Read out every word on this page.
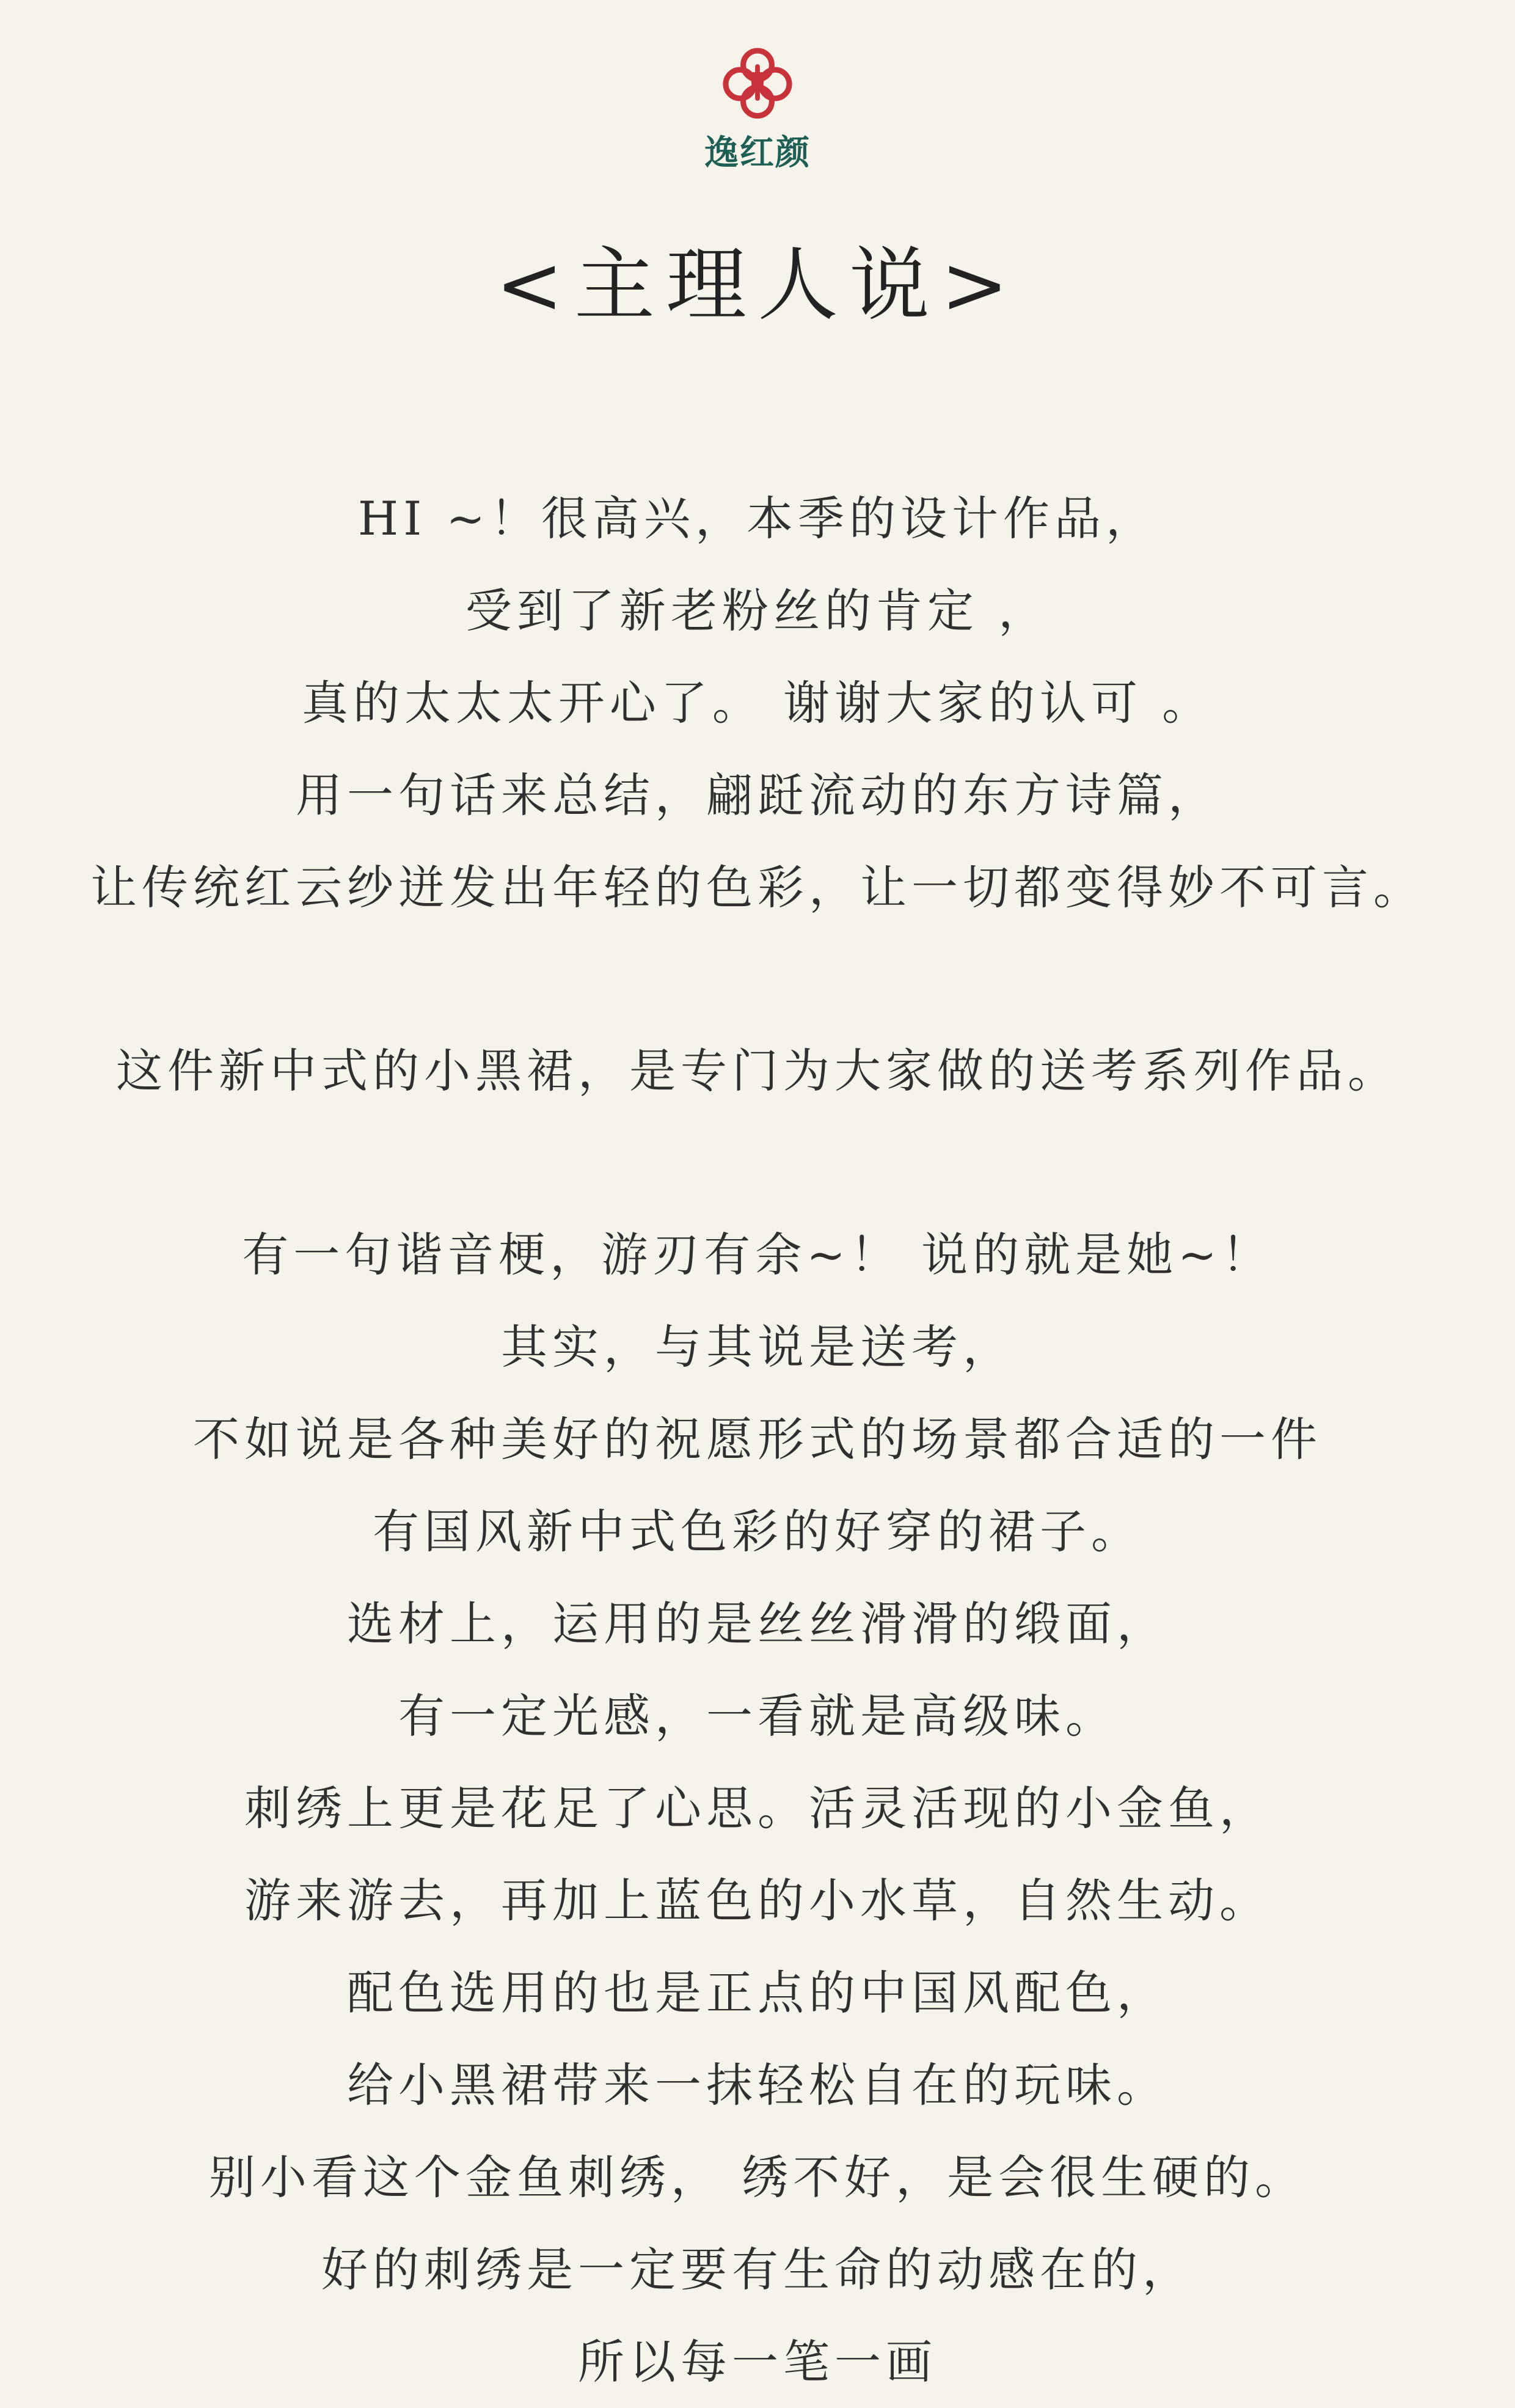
逸红颜
<主理人说>
HI ~！很高兴，本季的设计作品，
受到了新老粉丝的肯定 ，
真的太太太开心了。 谢谢大家的认可 。
用一句话来总结，翩跹流动的东方诗篇，
让传统红云纱迸发出年轻的色彩，让一切都变得妙不可言。
这件新中式的小黑裙，是专门为大家做的送考系列作品。
有一句谐音梗，游刃有余~！ 说的就是她~！
其实，与其说是送考，
不如说是各种美好的祝愿形式的场景都合适的一件
有国风新中式色彩的好穿的裙子。
选材上，运用的是丝丝滑滑的缎面，
有一定光感，一看就是高级味。
刺绣上更是花足了心思。活灵活现的小金鱼，
游来游去，再加上蓝色的小水草，自然生动。
配色选用的也是正点的中国风配色，
给小黑裙带来一抹轻松自在的玩味。
别小看这个金鱼刺绣， 绣不好，是会很生硬的。
好的刺绣是一定要有生命的动感在的，
所以每一笔一画
